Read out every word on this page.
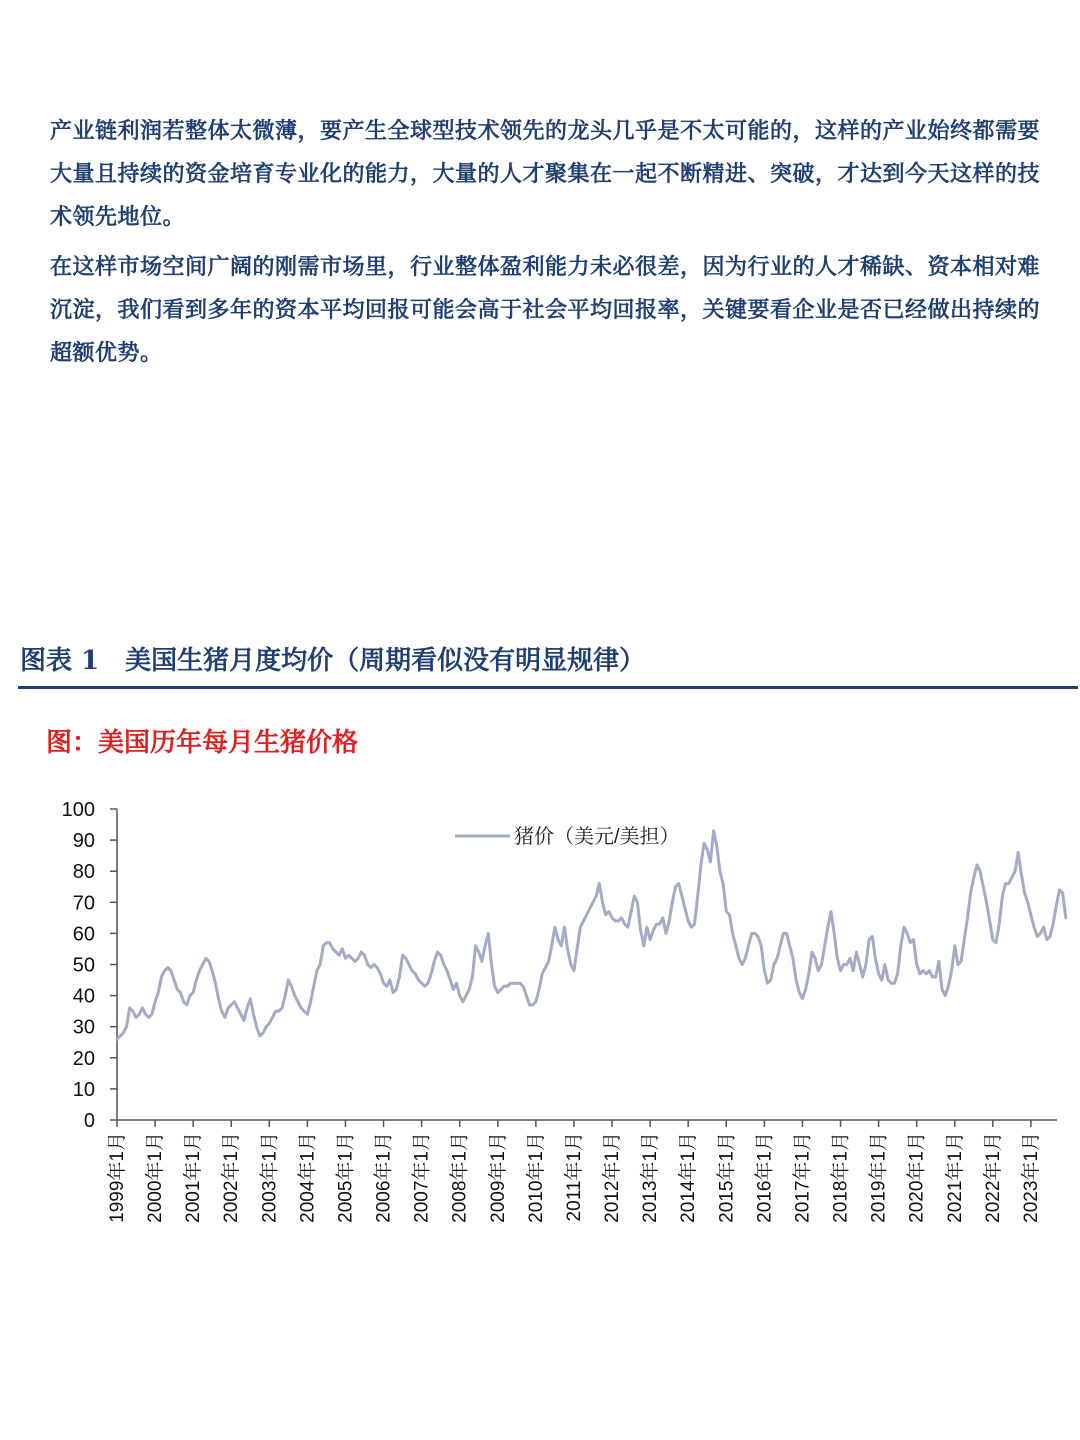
产业链利润若整体太微薄，要产生全球型技术领先的龙头几乎是不太可能的，这样的产业始终都需要大量且持续的资金培育专业化的能力，大量的人才聚集在一起不断精进、突破，才达到今天这样的技术领先地位。

在这样市场空间广阔的刚需市场里，行业整体盈利能力未必很差，因为行业的人才稀缺、资本相对难沉淀，我们看到多年的资本平均回报可能会高于社会平均回报率，关键要看企业是否已经做出持续的超额优势。

图表 1 美国生猪月度均价（周期看似没有明显规律）
图：美国历年每月生猪价格
0
10
20
30
40
50
60
70
80
90
100
1999年1月 2000年1月 2001年1月 2002年1月 2003年1月 2004年1月 2005年1月 2006年1月 2007年1月 2008年1月 2009年1月 2010年1月 2011年1月 2012年1月 2013年1月 2014年1月 2015年1月 2016年1月 2017年1月 2018年1月 2019年1月 2020年1月 2021年1月 2022年1月 2023年1月
猪价（美元/美担）
